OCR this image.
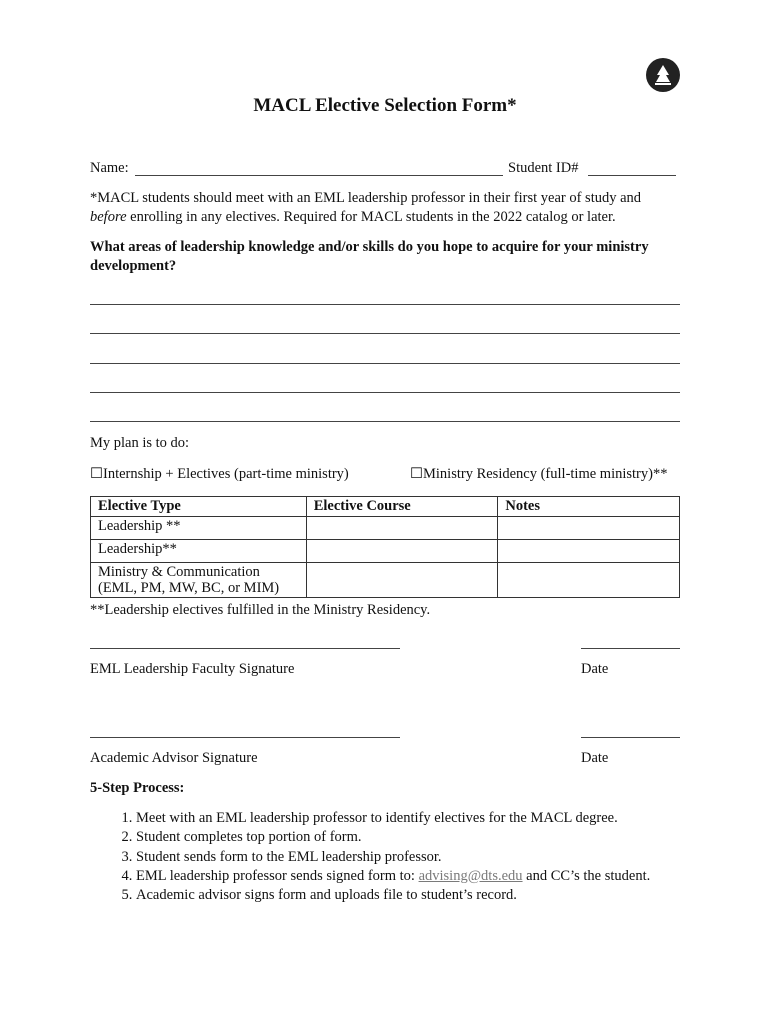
MACL Elective Selection Form*
Name:	Student ID#
*MACL students should meet with an EML leadership professor in their first year of study and
before enrolling in any electives. Required for MACL students in the 2022 catalog or later.
What areas of leadership knowledge and/or skills do you hope to acquire for your ministry
development?
My plan is to do:
☐Internship + Electives (part-time ministry)	☐Ministry Residency (full-time ministry)**
Elective Type	Elective Course	Notes
Leadership **		
Leadership**		

Ministry & Communication
(EML, PM, MW, BC, or MIM)		

**Leadership electives fulfilled in the Ministry Residency.
EML Leadership Faculty Signature	Date
Academic Advisor Signature	Date
5-Step Process:
1. Meet with an EML leadership professor to identify electives for the MACL degree.
2. Student completes top portion of form.
3. Student sends form to the EML leadership professor.
4. EML leadership professor sends signed form to: advising@dts.edu and CC’s the student.
5. Academic advisor signs form and uploads file to student’s record.
